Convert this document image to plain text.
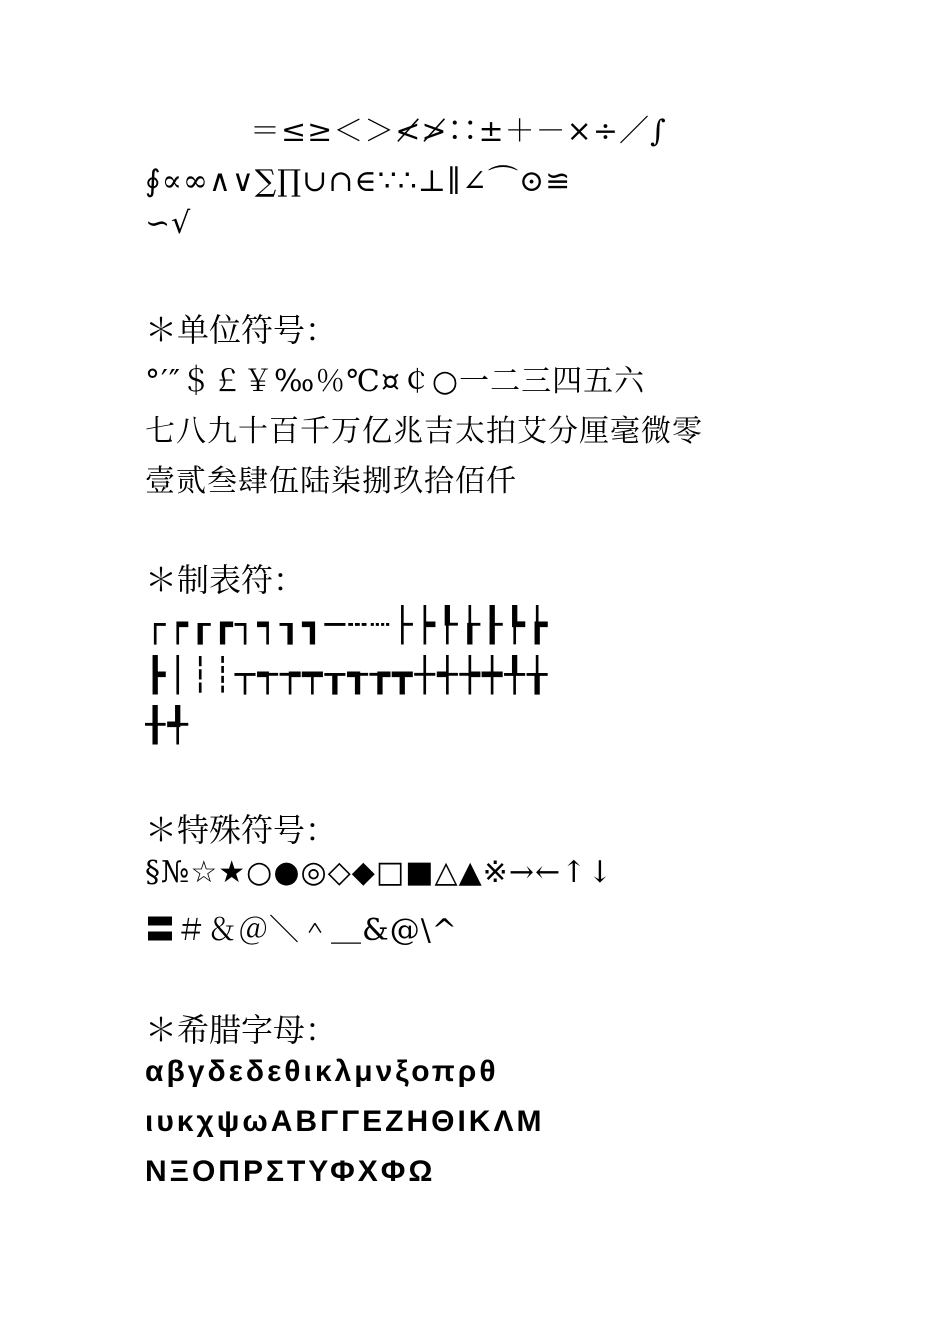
＝≤≥＜＞≮≯∷±＋－×÷／∫
∮∝∞∧∨∑∏∪∩∈∵∴⊥∥∠⌒⊙≌
∽√
＊单位符号：
°′″＄￡￥‰％℃¤￠○一二三四五六
七八九十百千万亿兆吉太拍艾分厘毫微零
壹贰叁肆伍陆柒捌玖拾佰仟
＊制表符：
┌┍┎┏┐┑┒┓─┄┈├┝┞┟┠┡┢
┣│┆┊┬┭┮┯┰┱┲┳┼┽┾┿╀╁
╂╃
＊特殊符号：
§№☆★○●◎◇◆□■△▲※→←↑↓
〓＃＆＠＼＾＿&@\^
＊希腊字母：
αβγδεδεθικλμνξοπρθ
ιυκχψωΑΒΓΓΕΖΗΘΙΚΛΜ
ΝΞΟΠΡΣΤΥΦΧΦΩ
